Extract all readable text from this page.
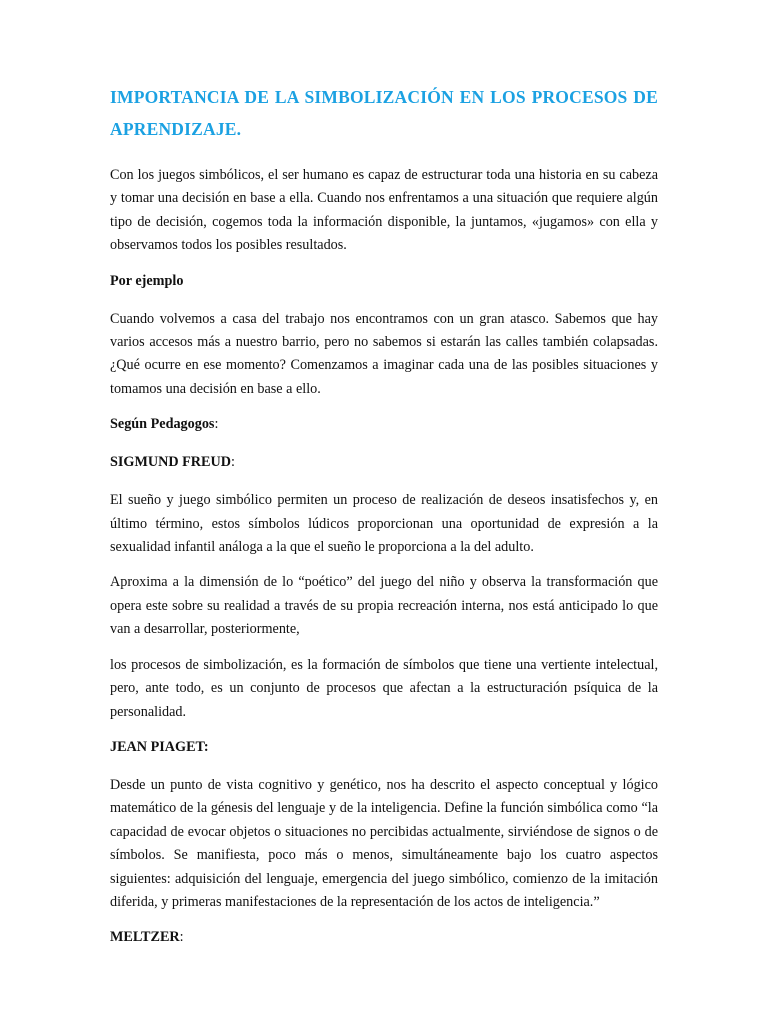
IMPORTANCIA DE LA SIMBOLIZACIÓN EN LOS PROCESOS DE APRENDIZAJE.

Con los juegos simbólicos, el ser humano es capaz de estructurar toda una historia en su cabeza y tomar una decisión en base a ella. Cuando nos enfrentamos a una situación que requiere algún tipo de decisión, cogemos toda la información disponible, la juntamos, «jugamos» con ella y observamos todos los posibles resultados.

Por ejemplo

Cuando volvemos a casa del trabajo nos encontramos con un gran atasco. Sabemos que hay varios accesos más a nuestro barrio, pero no sabemos si estarán las calles también colapsadas. ¿Qué ocurre en ese momento? Comenzamos a imaginar cada una de las posibles situaciones y tomamos una decisión en base a ello.

Según Pedagogos:
SIGMUND FREUD:

El sueño y juego simbólico permiten un proceso de realización de deseos insatisfechos y, en último término, estos símbolos lúdicos proporcionan una oportunidad de expresión a la sexualidad infantil análoga a la que el sueño le proporciona a la del adulto.

Aproxima a la dimensión de lo “poético” del juego del niño y observa la transformación que opera este sobre su realidad a través de su propia recreación interna, nos está anticipado lo que van a desarrollar, posteriormente,

los procesos de simbolización, es la formación de símbolos que tiene una vertiente intelectual, pero, ante todo, es un conjunto de procesos que afectan a la estructuración psíquica de la personalidad.

JEAN PIAGET:

Desde un punto de vista cognitivo y genético, nos ha descrito el aspecto conceptual y lógico matemático de la génesis del lenguaje y de la inteligencia. Define la función simbólica como “la capacidad de evocar objetos o situaciones no percibidas actualmente, sirviéndose de signos o de símbolos. Se manifiesta, poco más o menos, simultáneamente bajo los cuatro aspectos siguientes: adquisición del lenguaje, emergencia del juego simbólico, comienzo de la imitación diferida, y primeras manifestaciones de la representación de los actos de inteligencia.”

MELTZER:
